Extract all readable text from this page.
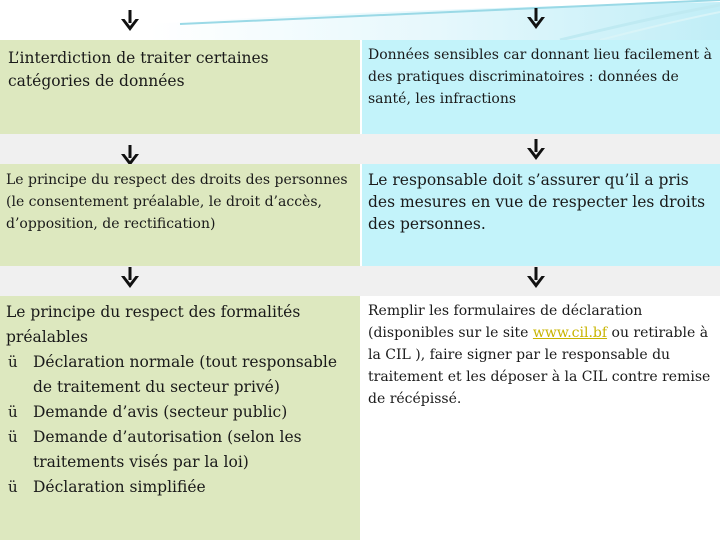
L’interdiction de traiter certaines catégories de données
Données sensibles car donnant lieu facilement à des pratiques discriminatoires : données de santé, les infractions
Le principe du respect des droits des personnes (le consentement préalable, le droit d’accès, d’opposition, de rectification)
Le responsable doit s’assurer qu’il a pris des mesures en vue de respecter les droits des personnes.
Le principe du respect des formalités préalables
ü Déclaration normale (tout responsable de traitement du secteur privé)
ü Demande d’avis (secteur public)
ü Demande d’autorisation (selon les traitements visés par la loi)
ü Déclaration simplifiée
Remplir les formulaires de déclaration (disponibles sur le site www.cil.bf ou retirable à la CIL ), faire signer par le responsable du traitement et les déposer à la CIL contre remise de récépissé.
